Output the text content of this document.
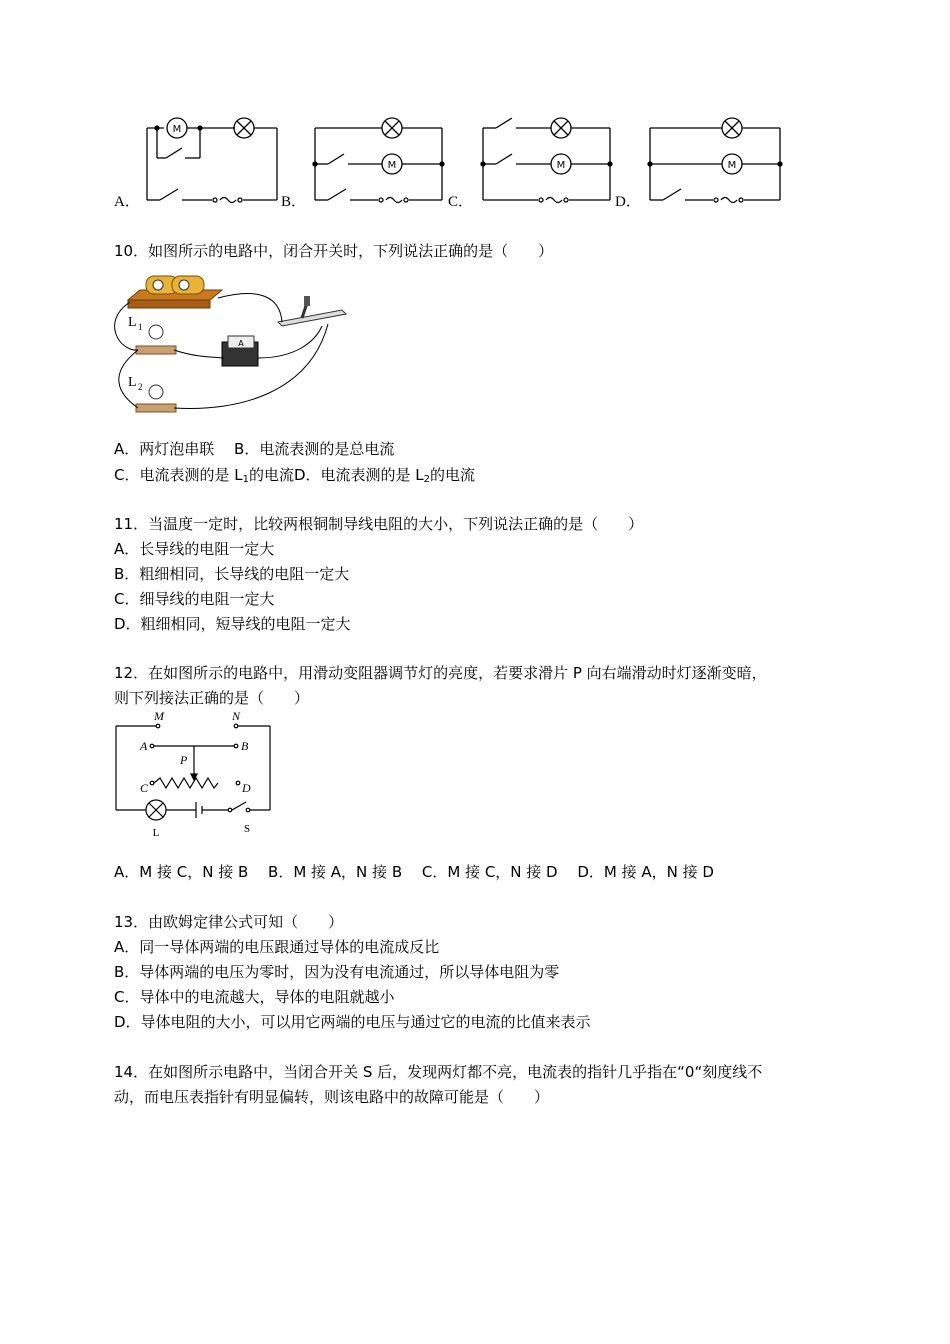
A．	B．	C．	D．
M
M	M	M
10．如图所示的电路中，闭合开关时，下列说法正确的是（　　）
A
L 1
L 2
A．两灯泡串联　 B．电流表测的是总电流
C．电流表测的是 $L_1$的电流D．电流表测的是 $L_2$的电流
11．当温度一定时，比较两根铜制导线电阻的大小，下列说法正确的是（　　）
A．长导线的电阻一定大
B．粗细相同，长导线的电阻一定大
C．细导线的电阻一定大
D．粗细相同，短导线的电阻一定大
12．在如图所示的电路中，用滑动变阻器调节灯的亮度，若要求滑片 P 向右端滑动时灯逐渐变暗，
则下列接法正确的是（　　）
M	N
A	B
P
C	D
L	S
A．M 接 C，N 接 B　 B．M 接 A，N 接 B　 C．M 接 C，N 接 D　 D．M 接 A，N 接 D
13．由欧姆定律公式可知（　　）
A．同一导体两端的电压跟通过导体的电流成反比
B．导体两端的电压为零时，因为没有电流通过，所以导体电阻为零
C．导体中的电流越大，导体的电阻就越小
D．导体电阻的大小，可以用它两端的电压与通过它的电流的比值来表示
14．在如图所示电路中，当闭合开关 S 后，发现两灯都不亮，电流表的指针几乎指在“0“刻度线不
动，而电压表指针有明显偏转，则该电路中的故障可能是（　　）
